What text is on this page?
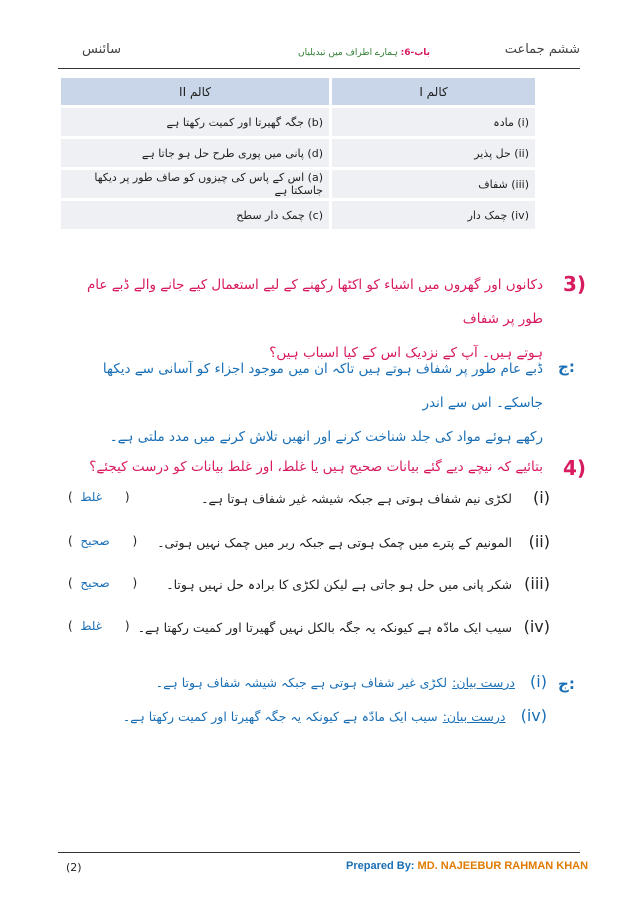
ششم جماعت
باب-6: ہمارے اطراف میں تبدیلیاں
سائنس
کالم I	کالم II
(i) مادہ	(b) جگہ گھیرتا اور کمیت رکھتا ہے
(ii) حل پذیر	(d) پانی میں پوری طرح حل ہو جاتا ہے
(iii) شفاف	(a) اس کے پاس کی چیزوں کو صاف طور پر دیکھا جاسکتا ہے
(iv) چمک دار	(c) چمک دار سطح
3)
دکانوں اور گھروں میں اشیاء کو اکٹھا رکھنے کے لیے استعمال کیے جانے والے ڈبے عام طور پر شفاف
ہوتے ہیں۔ آپ کے نزدیک اس کے کیا اسباب ہیں؟
ج:
ڈبے عام طور پر شفاف ہوتے ہیں تاکہ ان میں موجود اجزاء کو آسانی سے دیکھا جاسکے۔ اس سے اندر
رکھے ہوئے مواد کی جلد شناخت کرنے اور انھیں تلاش کرنے میں مدد ملتی ہے۔
4)
بتائیے کہ نیچے دیے گئے بیانات صحیح ہیں یا غلط، اور غلط بیانات کو درست کیجئے؟
(i)
لکڑی نیم شفاف ہوتی ہے جبکہ شیشہ غیر شفاف ہوتا ہے۔
( غلط )
(ii)
المونیم کے پترے میں چمک ہوتی ہے جبکہ ربر میں چمک نہیں ہوتی۔
( صحیح )
(iii)
شکر پانی میں حل ہو جاتی ہے لیکن لکڑی کا برادہ حل نہیں ہوتا۔
( صحیح )
(iv)
سیب ایک مادّہ ہے کیونکہ یہ جگہ بالکل نہیں گھیرتا اور کمیت رکھتا ہے۔
( غلط )
ج:
(i) درست بیان: لکڑی غیر شفاف ہوتی ہے جبکہ شیشہ شفاف ہوتا ہے۔
(iv) درست بیان: سیب ایک مادّہ ہے کیونکہ یہ جگہ گھیرتا اور کمیت رکھتا ہے۔
(2)	Prepared By: MD. NAJEEBUR RAHMAN KHAN
